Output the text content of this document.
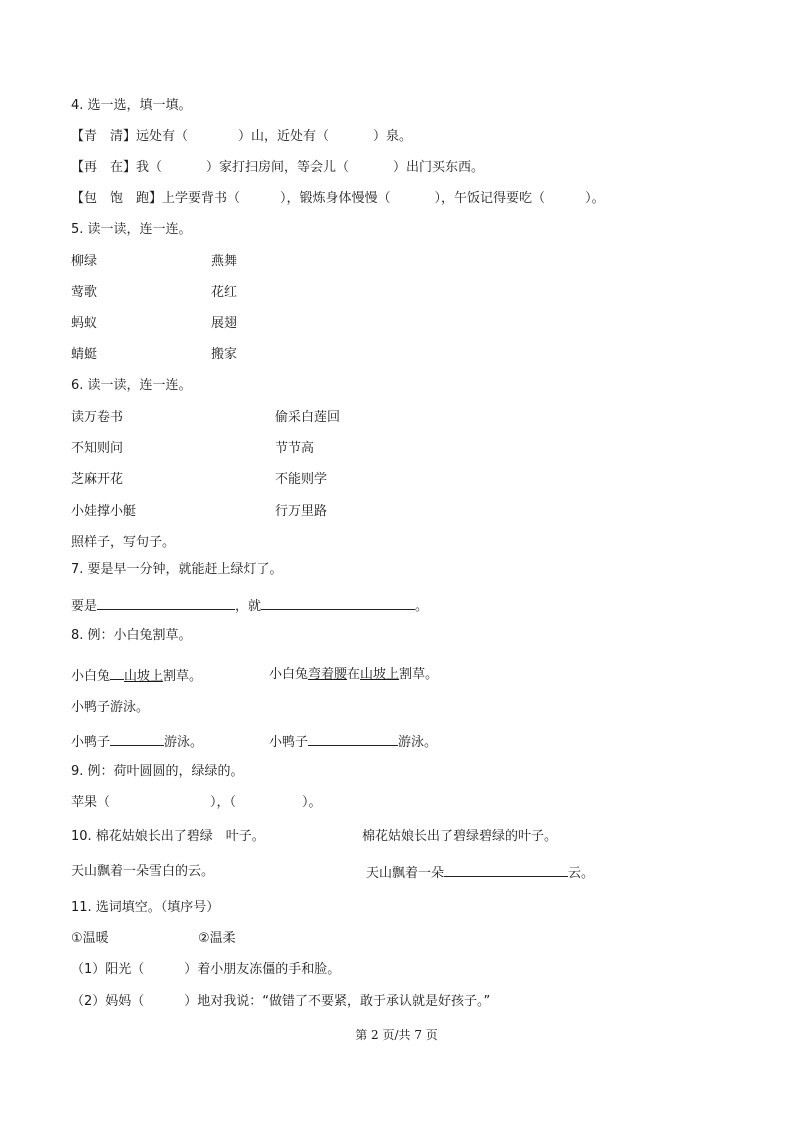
4. 选一选，填一填。
【青　清】远处有（	）山，近处有（	）泉。
【再　在】我（	）家打扫房间，等会儿（	）出门买东西。
【包　饱　跑】上学要背书（	），锻炼身体慢慢（	），午饭记得要吃（	）。
5. 读一读，连一连。
柳绿	燕舞
莺歌	花红
蚂蚁	展翅
蜻蜓	搬家
6. 读一读，连一连。
读万卷书	偷采白莲回
不知则问	节节高
芝麻开花	不能则学
小娃撑小艇	行万里路
照样子，写句子。
7. 要是早一分钟，就能赶上绿灯了。
要是	，就	。
8. 例：小白兔割草。
小白兔 山坡上割草。	小白兔弯着腰在山坡上割草。
小鸭子游泳。
小鸭子	游泳。	小鸭子	游泳。
9. 例：荷叶圆圆的，绿绿的。
苹果（	），（	）。
10. 棉花姑娘长出了碧绿　叶子。	棉花姑娘长出了碧绿碧绿的叶子。
天山飘着一朵雪白的云。	天山飘着一朵	云。
11. 选词填空。（填序号）
①温暖	②温柔
（1）阳光（	）着小朋友冻僵的手和脸。
（2）妈妈（	）地对我说：“做错了不要紧，敢于承认就是好孩子。”
第 2 页/共 7 页
